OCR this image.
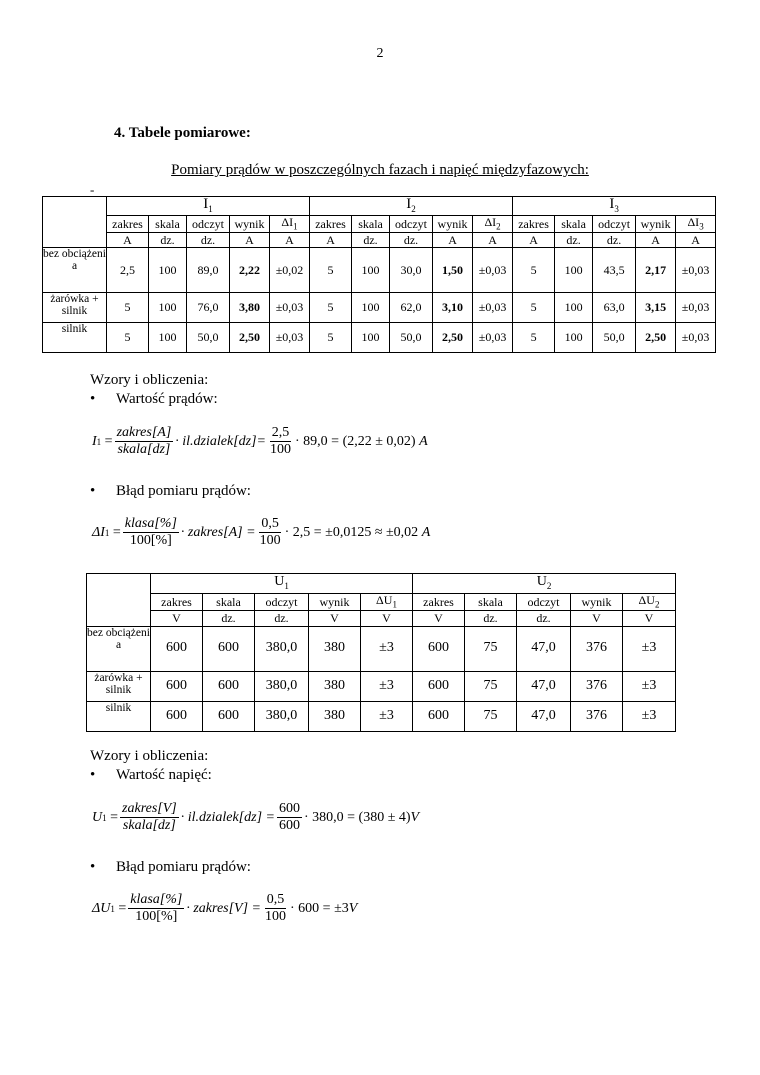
2
4. Tabele pomiarowe:
Pomiary prądów w poszczególnych fazach i napięć międzyfazowych:
-
	$I_1$					$I_2$					$I_3$
	zakres	skala	odczyt	wynik	$\Delta I_1$	zakres	skala	odczyt	wynik	$\Delta I_2$	zakres	skala	odczyt	wynik	$\Delta I_3$
	A	dz.	dz.	A	A	A	dz.	dz.	A	A	A	dz.	dz.	A	A
bez obciążeni a	2,5	100	89,0	2,22	±0,02	5	100	30,0	1,50	±0,03	5	100	43,5	2,17	±0,03
żarówka + silnik	5	100	76,0	3,80	±0,03	5	100	62,0	3,10	±0,03	5	100	63,0	3,15	±0,03
silnik	5	100	50,0	2,50	±0,03	5	100	50,0	2,50	±0,03	5	100	50,0	2,50	±0,03
Wzory i obliczenia:
• Wartość prądów:
I $1 = \frac{\text{zakres[A]}}{\text{skala[dz]}}$ · il.dzialek[dz]= $\frac{2,5}{100} \cdot 89,0 = (2,22 \pm 0,02)$
A
• Błąd pomiaru prądów:
ΔI $1 = \frac{\text{klasa[\%]}}{100[\%]}$ · zakres[A] = $\frac{0,5}{100} \cdot 2,5 = \pm 0,0125 \approx \pm 0,02$
A
	$U_1$					$U_2$
	zakres	skala	odczyt	wynik	$\Delta U_1$	zakres	skala	odczyt	wynik	$\Delta U_2$
	V	dz.	dz.	V	V	V	dz.	dz.	V	V
bez obciążeni a	600	600	380,0	380	±3	600	75	47,0	376	±3
żarówka + silnik	600	600	380,0	380	±3	600	75	47,0	376	±3
silnik	600	600	380,0	380	±3	600	75	47,0	376	±3
Wzory i obliczenia:
• Wartość napięć:
U $1 = \frac{\text{zakres[V]}}{\text{skala[dz]}}$ · il.dzialek[dz] = $\frac{600}{600} \cdot 380,0 = (380 \pm 4)$ V
• Błąd pomiaru prądów:
ΔU $1 = \frac{\text{klasa[\%]}}{100[\%]}$ · zakres[V] = $\frac{0,5}{100} \cdot 600 = \pm 3$ V
